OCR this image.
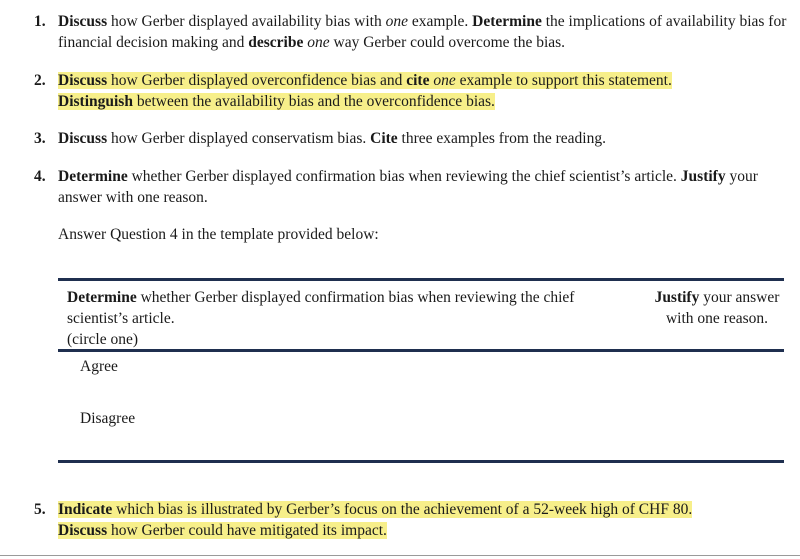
1. Discuss how Gerber displayed availability bias with one example. Determine the implications of availability bias for financial decision making and describe one way Gerber could overcome the bias.
2. Discuss how Gerber displayed overconfidence bias and cite one example to support this statement.
Distinguish between the availability bias and the overconfidence bias.
3. Discuss how Gerber displayed conservatism bias. Cite three examples from the reading.
4. Determine whether Gerber displayed confirmation bias when reviewing the chief scientist’s article. Justify your answer with one reason.
Answer Question 4 in the template provided below:
Determine whether Gerber displayed confirmation bias when reviewing the chief scientist’s article.
(circle one)
Justify your answer with one reason.
Agree
Disagree
5. Indicate which bias is illustrated by Gerber’s focus on the achievement of a 52-week high of CHF 80.
Discuss how Gerber could have mitigated its impact.
